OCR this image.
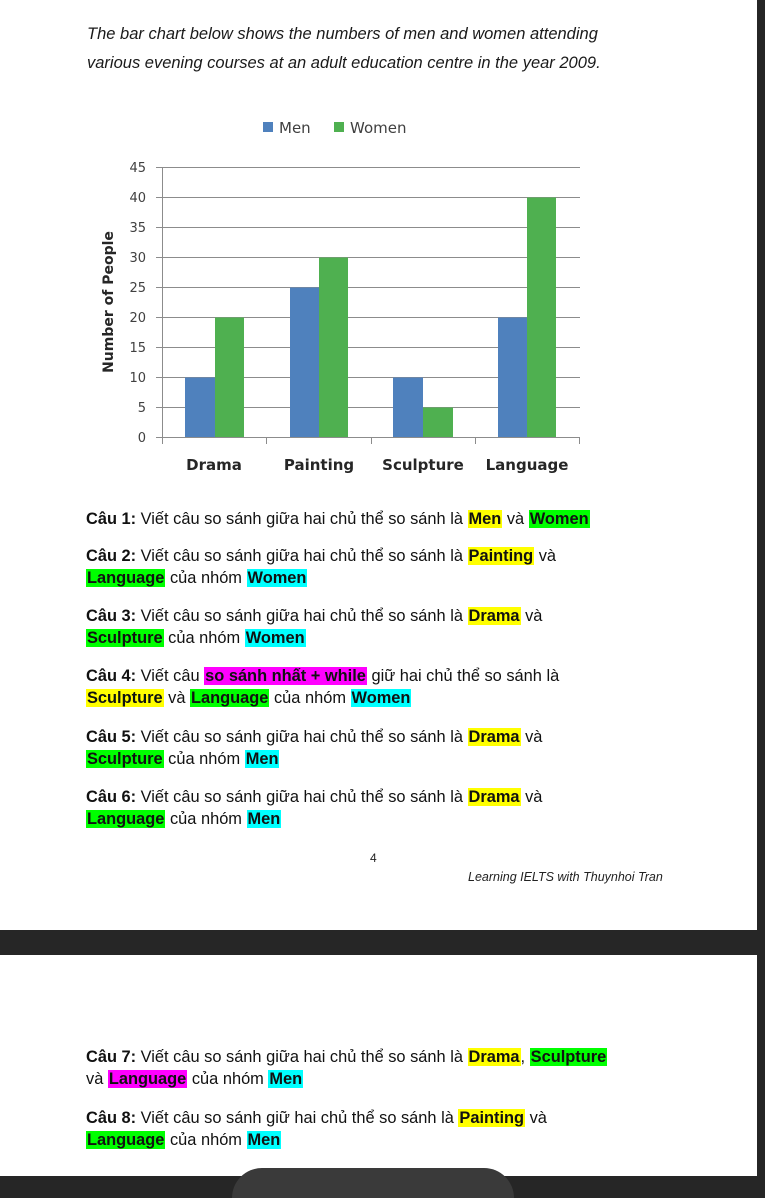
The bar chart below shows the numbers of men and women attending
various evening courses at an adult education centre in the year 2009.
Men	Women
45
40
35
30
25
20
15
10
5
0
Number of People
Drama	Painting Sculpture Language
Câu 1: Viết câu so sánh giữa hai chủ thể so sánh là Men và Women
Câu 2: Viết câu so sánh giữa hai chủ thể so sánh là Painting và
Language của nhóm Women
Câu 3: Viết câu so sánh giữa hai chủ thể so sánh là Drama và
Sculpture của nhóm Women
Câu 4: Viết câu so sánh nhất + while giữ hai chủ thể so sánh là
Sculpture và Language của nhóm Women
Câu 5: Viết câu so sánh giữa hai chủ thể so sánh là Drama và
Sculpture của nhóm Men
Câu 6: Viết câu so sánh giữa hai chủ thể so sánh là Drama và
Language của nhóm Men
4
Learning IELTS with Thuynhoi Tran
Câu 7: Viết câu so sánh giữa hai chủ thể so sánh là Drama, Sculpture
và Language của nhóm Men
Câu 8: Viết câu so sánh giữ hai chủ thể so sánh là Painting và
Language của nhóm Men
